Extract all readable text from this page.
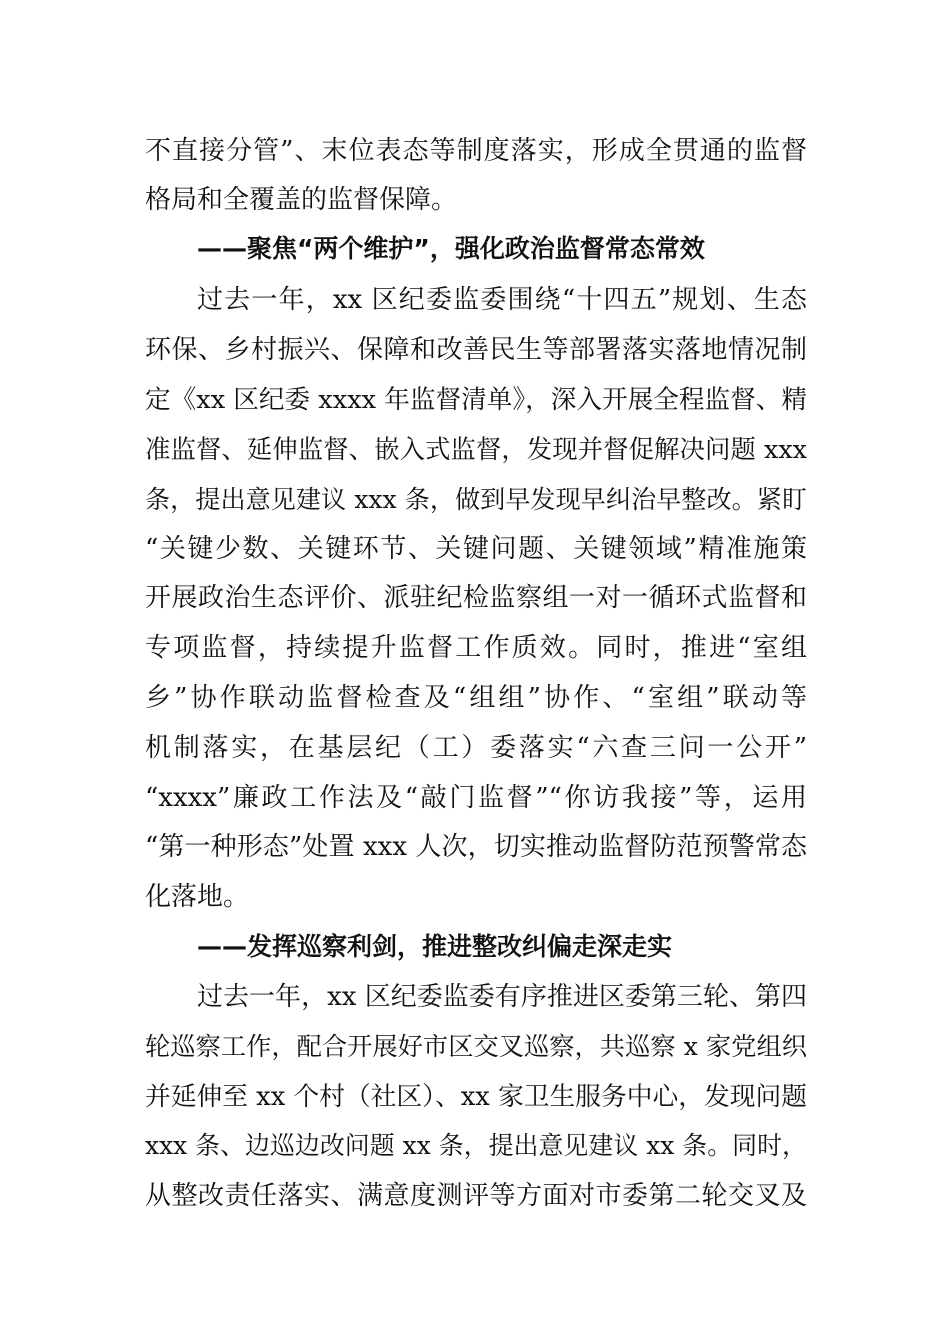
不直接分管”、末位表态等制度落实，形成全贯通的监督
格局和全覆盖的监督保障。
——聚焦“两个维护”，强化政治监督常态常效
过去一年，xx 区纪委监委围绕“十四五”规划、生态
环保、乡村振兴、保障和改善民生等部署落实落地情况制
定《xx 区纪委 xxxx 年监督清单》，深入开展全程监督、精
准监督、延伸监督、嵌入式监督，发现并督促解决问题 xxx
条，提出意见建议 xxx 条，做到早发现早纠治早整改。紧盯
“关键少数、关键环节、关键问题、关键领域”精准施策
开展政治生态评价、派驻纪检监察组一对一循环式监督和
专项监督，持续提升监督工作质效。同时，推进“室组
乡”协作联动监督检查及“组组”协作、“室组”联动等
机制落实，在基层纪（工）委落实“六查三问一公开”
“xxxx”廉政工作法及“敲门监督”“你访我接”等，运用
“第一种形态”处置 xxx 人次，切实推动监督防范预警常态
化落地。
——发挥巡察利剑，推进整改纠偏走深走实
过去一年，xx 区纪委监委有序推进区委第三轮、第四
轮巡察工作，配合开展好市区交叉巡察，共巡察 x 家党组织
并延伸至 xx 个村（社区）、xx 家卫生服务中心，发现问题
xxx 条、边巡边改问题 xx 条，提出意见建议 xx 条。同时，
从整改责任落实、满意度测评等方面对市委第二轮交叉及
